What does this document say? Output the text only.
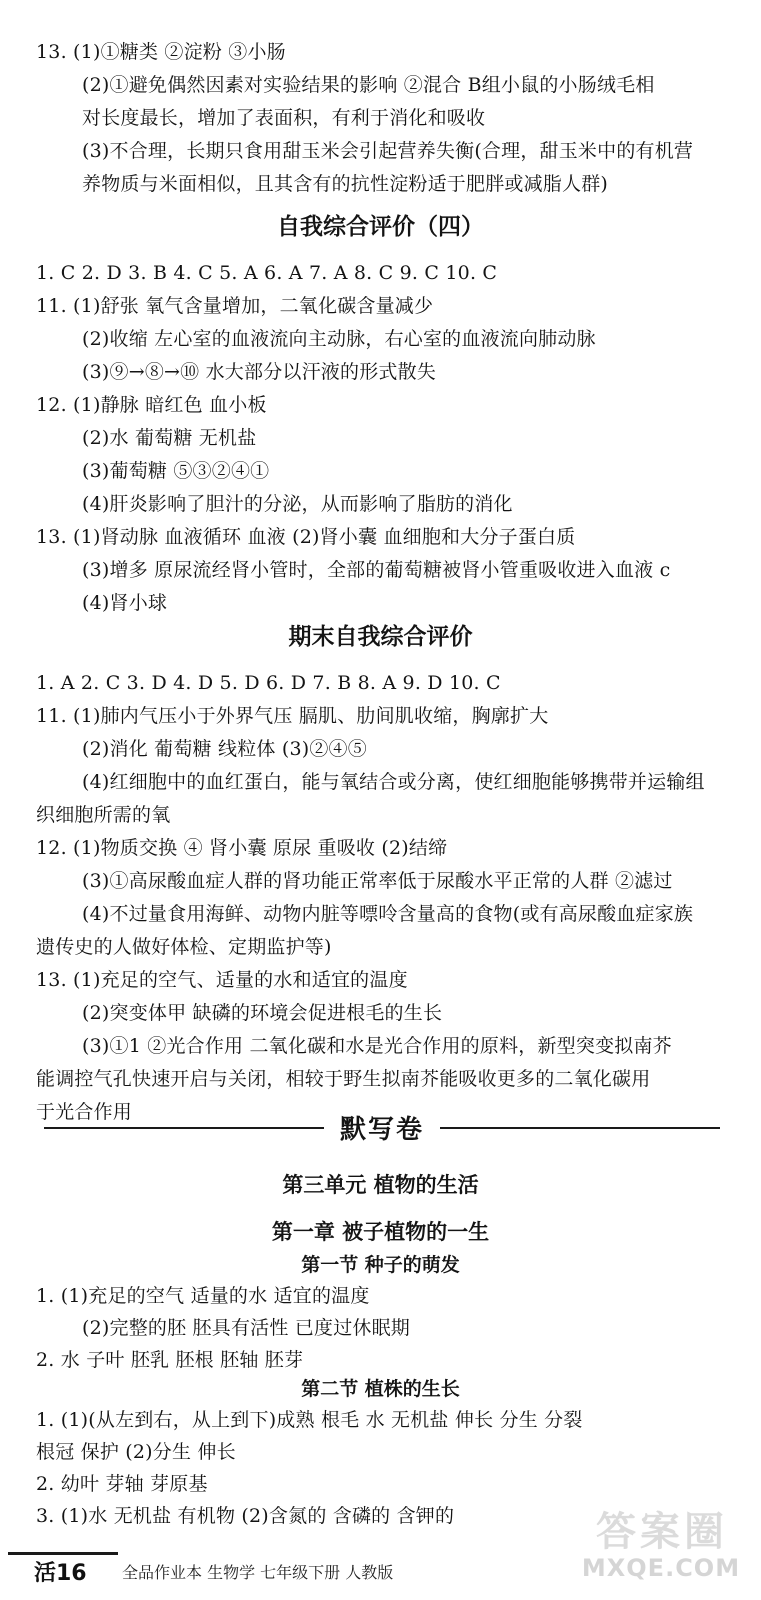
13. (1)①糖类 ②淀粉 ③小肠
(2)①避免偶然因素对实验结果的影响 ②混合 B组小鼠的小肠绒毛相
对长度最长，增加了表面积，有利于消化和吸收
(3)不合理，长期只食用甜玉米会引起营养失衡(合理，甜玉米中的有机营
养物质与米面相似，且其含有的抗性淀粉适于肥胖或减脂人群)
自我综合评价（四）
1. C 2. D 3. B 4. C 5. A 6. A 7. A 8. C 9. C 10. C
11. (1)舒张 氧气含量增加，二氧化碳含量减少
(2)收缩 左心室的血液流向主动脉，右心室的血液流向肺动脉
(3)⑨→⑧→⑩ 水大部分以汗液的形式散失
12. (1)静脉 暗红色 血小板
(2)水 葡萄糖 无机盐
(3)葡萄糖 ⑤③②④①
(4)肝炎影响了胆汁的分泌，从而影响了脂肪的消化
13. (1)肾动脉 血液循环 血液 (2)肾小囊 血细胞和大分子蛋白质
(3)增多 原尿流经肾小管时，全部的葡萄糖被肾小管重吸收进入血液 c
(4)肾小球
期末自我综合评价
1. A 2. C 3. D 4. D 5. D 6. D 7. B 8. A 9. D 10. C
11. (1)肺内气压小于外界气压 膈肌、肋间肌收缩，胸廓扩大
(2)消化 葡萄糖 线粒体 (3)②④⑤
(4)红细胞中的血红蛋白，能与氧结合或分离，使红细胞能够携带并运输组
织细胞所需的氧
12. (1)物质交换 ④ 肾小囊 原尿 重吸收 (2)结缔
(3)①高尿酸血症人群的肾功能正常率低于尿酸水平正常的人群 ②滤过
(4)不过量食用海鲜、动物内脏等嘌呤含量高的食物(或有高尿酸血症家族
遗传史的人做好体检、定期监护等)
13. (1)充足的空气、适量的水和适宜的温度
(2)突变体甲 缺磷的环境会促进根毛的生长
(3)①1 ②光合作用 二氧化碳和水是光合作用的原料，新型突变拟南芥
能调控气孔快速开启与关闭，相较于野生拟南芥能吸收更多的二氧化碳用
于光合作用
默写卷
第三单元 植物的生活
第一章 被子植物的一生
第一节 种子的萌发
1. (1)充足的空气 适量的水 适宜的温度
(2)完整的胚 胚具有活性 已度过休眠期
2. 水 子叶 胚乳 胚根 胚轴 胚芽
第二节 植株的生长
1. (1)(从左到右，从上到下)成熟 根毛 水 无机盐 伸长 分生 分裂
根冠 保护 (2)分生 伸长
2. 幼叶 芽轴 芽原基
3. (1)水 无机盐 有机物 (2)含氮的 含磷的 含钾的	答案圈
MXQE.COM
活16 全品作业本 生物学 七年级下册 人教版
